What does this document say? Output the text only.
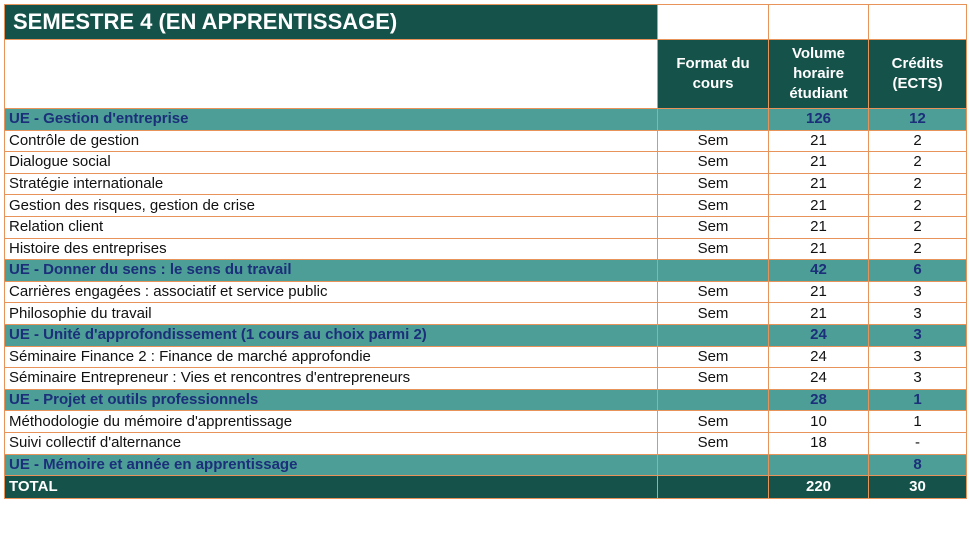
SEMESTRE 4 (EN APPRENTISSAGE)			
	Format du cours	Volume horaire étudiant	Crédits (ECTS)
UE - Gestion d'entreprise		126	12
Contrôle de gestion	Sem	21	2
Dialogue social	Sem	21	2
Stratégie internationale	Sem	21	2
Gestion des risques, gestion de crise	Sem	21	2
Relation client	Sem	21	2
Histoire des entreprises	Sem	21	2
UE - Donner du sens : le sens du travail		42	6
Carrières engagées : associatif et service public	Sem	21	3
Philosophie du travail	Sem	21	3
UE - Unité d'approfondissement (1 cours au choix parmi 2)		24	3
Séminaire Finance 2 : Finance de marché approfondie	Sem	24	3
Séminaire Entrepreneur : Vies et rencontres d'entrepreneurs	Sem	24	3
UE - Projet et outils professionnels		28	1
Méthodologie du mémoire d'apprentissage	Sem	10	1
Suivi collectif d'alternance	Sem	18	-
UE - Mémoire et année en apprentissage			8
TOTAL		220	30
